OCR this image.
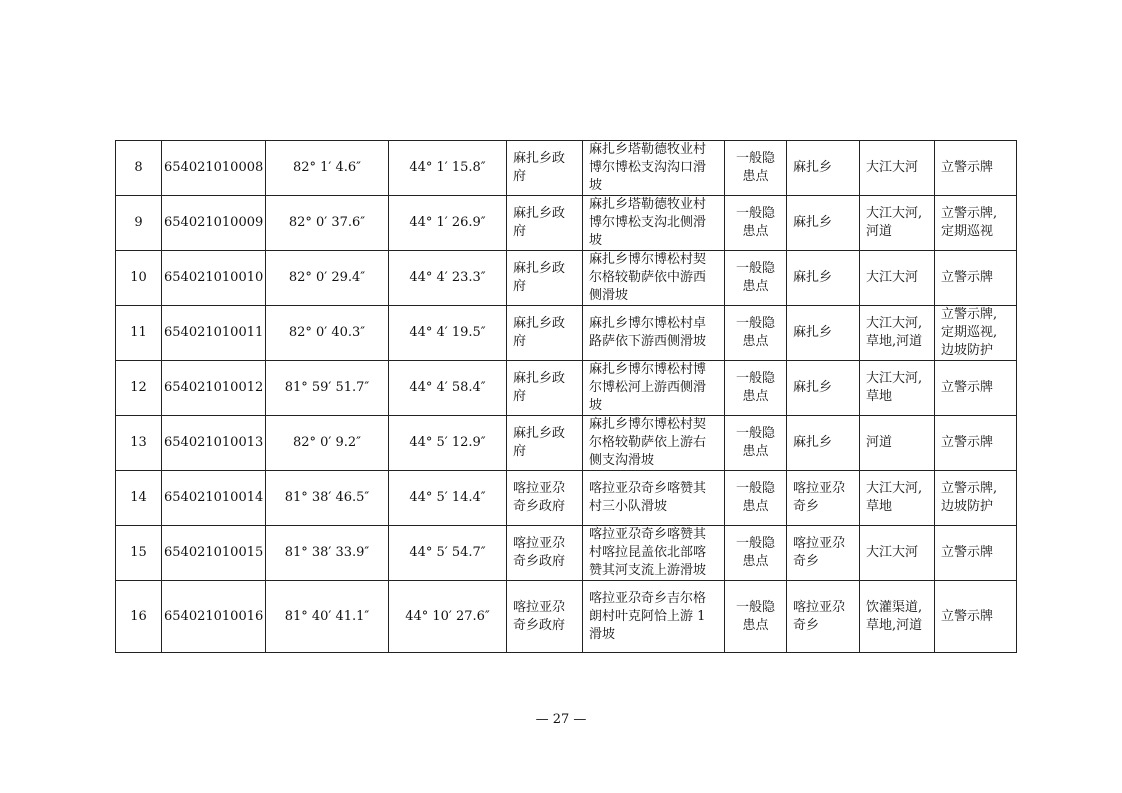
8	654021010008	82° 1′ 4.6″	44° 1′ 15.8″	麻扎乡政府	麻扎乡塔勒德牧业村博尔博松支沟沟口滑坡	一般隐患点	麻扎乡	大江大河	立警示牌
9	654021010009	82° 0′ 37.6″	44° 1′ 26.9″	麻扎乡政府	麻扎乡塔勒德牧业村博尔博松支沟北侧滑坡	一般隐患点	麻扎乡	大江大河,河道	立警示牌,定期巡视
10	654021010010	82° 0′ 29.4″	44° 4′ 23.3″	麻扎乡政府	麻扎乡博尔博松村契尔格较勒萨依中游西侧滑坡	一般隐患点	麻扎乡	大江大河	立警示牌
11	654021010011	82° 0′ 40.3″	44° 4′ 19.5″	麻扎乡政府	麻扎乡博尔博松村卓路萨依下游西侧滑坡	一般隐患点	麻扎乡	大江大河,草地,河道	立警示牌,定期巡视,边坡防护
12	654021010012	81° 59′ 51.7″	44° 4′ 58.4″	麻扎乡政府	麻扎乡博尔博松村博尔博松河上游西侧滑坡	一般隐患点	麻扎乡	大江大河,草地	立警示牌
13	654021010013	82° 0′ 9.2″	44° 5′ 12.9″	麻扎乡政府	麻扎乡博尔博松村契尔格较勒萨依上游右侧支沟滑坡	一般隐患点	麻扎乡	河道	立警示牌
14	654021010014	81° 38′ 46.5″	44° 5′ 14.4″	喀拉亚尕奇乡政府	喀拉亚尕奇乡喀赞其村三小队滑坡	一般隐患点	喀拉亚尕奇乡	大江大河,草地	立警示牌,边坡防护
15	654021010015	81° 38′ 33.9″	44° 5′ 54.7″	喀拉亚尕奇乡政府	喀拉亚尕奇乡喀赞其村喀拉昆盖依北部喀赞其河支流上游滑坡	一般隐患点	喀拉亚尕奇乡	大江大河	立警示牌
16	654021010016	81° 40′ 41.1″	44° 10′ 27.6″	喀拉亚尕奇乡政府	喀拉亚尕奇乡吉尔格朗村叶克阿恰上游 1 滑坡	一般隐患点	喀拉亚尕奇乡	饮灌渠道,草地,河道	立警示牌
— 27 —
